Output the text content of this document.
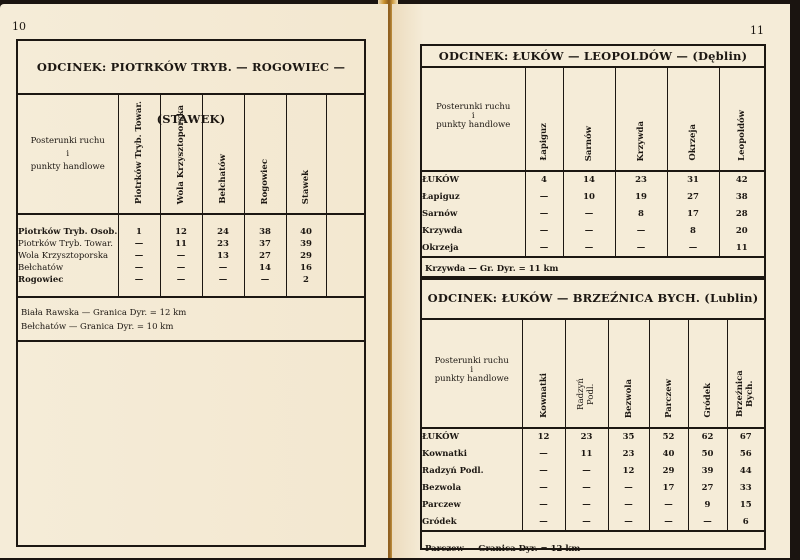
10
ODCINEK: PIOTRKÓW TRYB. — ROGOWIEC — (STAWEK)
Posterunki ruchu
i
punkty handlowe	Piotrków Tryb. Towar.	Wola Krzysztoporska	Bełchatów	Rogowiec	Stawek	

Piotrków Tryb. Osob.	1	12	24	38	40	
Piotrków Tryb. Towar.	—	11	23	37	39	
Wola Krzysztoporska	—	—	13	27	29	
Bełchatów	—	—	—	14	16	
Rogowiec	—	—	—	—	2	

Biała Rawska — Granica Dyr. = 12 km
Bełchatów — Granica Dyr. = 10 km
11
ODCINEK: ŁUKÓW — LEOPOLDÓW — (Dęblin)
Posterunki ruchu
i
punkty handlowe	Łapiguz	Sarnów	Krzywda	Okrzeja	Leopoldów
ŁUKÓW	4	14	23	31	42
Łapiguz	—	10	19	27	38
Sarnów	—	—	8	17	28
Krzywda	—	—	—	8	20
Okrzeja	—	—	—	—	11
Krzywda — Gr. Dyr. = 11 km
ODCINEK: ŁUKÓW — BRZEŹNICA BYCH. (Lublin)
Posterunki ruchu
i
punkty handlowe	Kownatki	Radzyń Podl.	Bezwola	Parczew	Gródek	Brzeźnica Bych.
ŁUKÓW	12	23	35	52	62	67
Kownatki	—	11	23	40	50	56
Radzyń Podl.	—	—	12	29	39	44
Bezwola	—	—	—	17	27	33
Parczew	—	—	—	—	9	15
Gródek	—	—	—	—	—	6
Parczew — Granica Dyr. = 12 km
